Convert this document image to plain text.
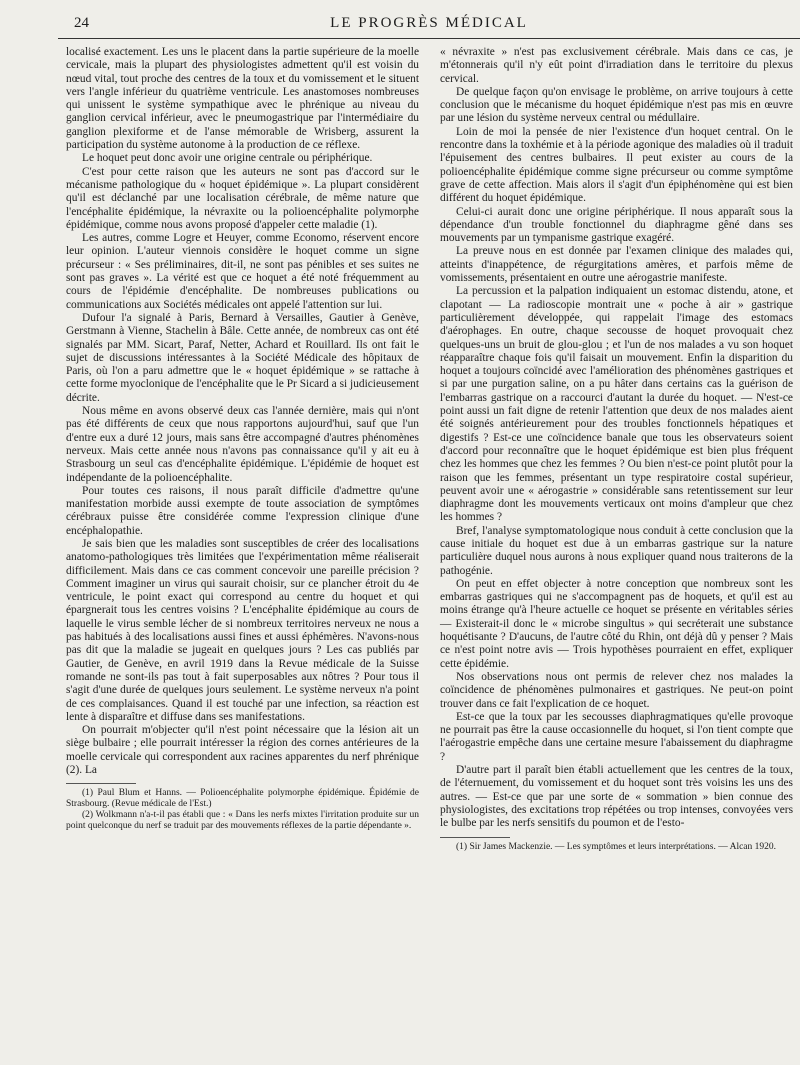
24	LE PROGRÈS MÉDICAL

localisé exactement. Les uns le placent dans la partie supérieure de la moelle cervicale, mais la plupart des physiologistes admettent qu'il est voisin du nœud vital, tout proche des centres de la toux et du vomissement et le situent vers l'angle inférieur du quatrième ventricule. Les anastomoses nombreuses qui unissent le système sympathique avec le phrénique au niveau du ganglion cervical inférieur, avec le pneumogastrique par l'intermédiaire du ganglion plexiforme et de l'anse mémorable de Wrisberg, assurent la participation du système autonome à la production de ce réflexe.

Le hoquet peut donc avoir une origine centrale ou périphérique.

C'est pour cette raison que les auteurs ne sont pas d'accord sur le mécanisme pathologique du « hoquet épidémique ». La plupart considèrent qu'il est déclanché par une localisation cérébrale, de même nature que l'encéphalite épidémique, la névraxite ou la polioencéphalite polymorphe épidémique, comme nous avons proposé d'appeler cette maladie (1).

Les autres, comme Logre et Heuyer, comme Economo, réservent encore leur opinion. L'auteur viennois considère le hoquet comme un signe précurseur : « Ses préliminaires, dit-il, ne sont pas pénibles et ses suites ne sont pas graves ». La vérité est que ce hoquet a été noté fréquemment au cours de l'épidémie d'encéphalite. De nombreuses publications ou communications aux Sociétés médicales ont appelé l'attention sur lui.

Dufour l'a signalé à Paris, Bernard à Versailles, Gautier à Genève, Gerstmann à Vienne, Stachelin à Bâle. Cette année, de nombreux cas ont été signalés par MM. Sicart, Paraf, Netter, Achard et Rouillard. Ils ont fait le sujet de discussions intéressantes à la Société Médicale des hôpitaux de Paris, où l'on a paru admettre que le « hoquet épidémique » se rattache à cette forme myoclonique de l'encéphalite que le Pr Sicard a si judicieusement décrite.

Nous même en avons observé deux cas l'année dernière, mais qui n'ont pas été différents de ceux que nous rapportons aujourd'hui, sauf que l'un d'entre eux a duré 12 jours, mais sans être accompagné d'autres phénomènes nerveux. Mais cette année nous n'avons pas connaissance qu'il y ait eu à Strasbourg un seul cas d'encéphalite épidémique. L'épidémie de hoquet est indépendante de la polioencéphalite.

Pour toutes ces raisons, il nous paraît difficile d'admettre qu'une manifestation morbide aussi exempte de toute association de symptômes cérébraux puisse être considérée comme l'expression clinique d'une encéphalopathie.

Je sais bien que les maladies sont susceptibles de créer des localisations anatomo-pathologiques très limitées que l'expérimentation même réaliserait difficilement. Mais dans ce cas comment concevoir une pareille précision ? Comment imaginer un virus qui saurait choisir, sur ce plancher étroit du 4e ventricule, le point exact qui correspond au centre du hoquet et qui épargnerait tous les centres voisins ? L'encéphalite épidémique au cours de laquelle le virus semble lécher de si nombreux territoires nerveux ne nous a pas habitués à des localisations aussi fines et aussi éphémères. N'avons-nous pas dit que la maladie se jugeait en quelques jours ? Les cas publiés par Gautier, de Genève, en avril 1919 dans la Revue médicale de la Suisse romande ne sont-ils pas tout à fait superposables aux nôtres ? Pour tous il s'agit d'une durée de quelques jours seulement. Le système nerveux n'a point de ces complaisances. Quand il est touché par une infection, sa réaction est lente à disparaître et diffuse dans ses manifestations.

On pourrait m'objecter qu'il n'est point nécessaire que la lésion ait un siège bulbaire ; elle pourrait intéresser la région des cornes antérieures de la moelle cervicale qui correspondent aux racines apparentes du nerf phrénique (2). La

(1) Paul Blum et Hanns. — Polioencéphalite polymorphe épidémique. Épidémie de Strasbourg. (Revue médicale de l'Est.)

(2) Wolkmann n'a-t-il pas établi que : « Dans les nerfs mixtes l'irritation produite sur un point quelconque du nerf se traduit par des mouvements réflexes de la partie dépendante ».

« névraxite » n'est pas exclusivement cérébrale. Mais dans ce cas, je m'étonnerais qu'il n'y eût point d'irradiation dans le territoire du plexus cervical.

De quelque façon qu'on envisage le problème, on arrive toujours à cette conclusion que le mécanisme du hoquet épidémique n'est pas mis en œuvre par une lésion du système nerveux central ou médullaire.

Loin de moi la pensée de nier l'existence d'un hoquet central. On le rencontre dans la toxhémie et à la période agonique des maladies où il traduit l'épuisement des centres bulbaires. Il peut exister au cours de la polioencéphalite épidémique comme signe précurseur ou comme symptôme grave de cette affection. Mais alors il s'agit d'un épiphénomène qui est bien différent du hoquet épidémique.

Celui-ci aurait donc une origine périphérique. Il nous apparaît sous la dépendance d'un trouble fonctionnel du diaphragme gêné dans ses mouvements par un tympanisme gastrique exagéré.

La preuve nous en est donnée par l'examen clinique des malades qui, atteints d'inappétence, de régurgitations amères, et parfois même de vomissements, présentaient en outre une aérogastrie manifeste.

La percussion et la palpation indiquaient un estomac distendu, atone, et clapotant — La radioscopie montrait une « poche à air » gastrique particulièrement développée, qui rappelait l'image des estomacs d'aérophages. En outre, chaque secousse de hoquet provoquait chez quelques-uns un bruit de glou-glou ; et l'un de nos malades a vu son hoquet réapparaître chaque fois qu'il faisait un mouvement. Enfin la disparition du hoquet a toujours coïncidé avec l'amélioration des phénomènes gastriques et si par une purgation saline, on a pu hâter dans certains cas la guérison de l'embarras gastrique on a raccourci d'autant la durée du hoquet. — N'est-ce point aussi un fait digne de retenir l'attention que deux de nos malades aient été soignés antérieurement pour des troubles fonctionnels hépatiques et digestifs ? Est-ce une coïncidence banale que tous les observateurs soient d'accord pour reconnaître que le hoquet épidémique est bien plus fréquent chez les hommes que chez les femmes ? Ou bien n'est-ce point plutôt pour la raison que les femmes, présentant un type respiratoire costal supérieur, peuvent avoir une « aérogastrie » considérable sans retentissement sur leur diaphragme dont les mouvements verticaux ont moins d'ampleur que chez les hommes ?

Bref, l'analyse symptomatologique nous conduit à cette conclusion que la cause initiale du hoquet est due à un embarras gastrique sur la nature particulière duquel nous aurons à nous expliquer quand nous traiterons de la pathogénie.

On peut en effet objecter à notre conception que nombreux sont les embarras gastriques qui ne s'accompagnent pas de hoquets, et qu'il est au moins étrange qu'à l'heure actuelle ce hoquet se présente en véritables séries — Existerait-il donc le « microbe singultus » qui secréterait une substance hoquétisante ? D'aucuns, de l'autre côté du Rhin, ont déjà dû y penser ? Mais ce n'est point notre avis — Trois hypothèses pourraient en effet, expliquer cette épidémie.

Nos observations nous ont permis de relever chez nos malades la coïncidence de phénomènes pulmonaires et gastriques. Ne peut-on point trouver dans ce fait l'explication de ce hoquet.

Est-ce que la toux par les secousses diaphragmatiques qu'elle provoque ne pourrait pas être la cause occasionnelle du hoquet, si l'on tient compte que l'aérogastrie empêche dans une certaine mesure l'abaissement du diaphragme ?

D'autre part il paraît bien établi actuellement que les centres de la toux, de l'éternuement, du vomissement et du hoquet sont très voisins les uns des autres. — Est-ce que par une sorte de « sommation » bien connue des physiologistes, des excitations trop répétées ou trop intenses, convoyées vers le bulbe par les nerfs sensitifs du poumon et de l'esto-

(1) Sir James Mackenzie. — Les symptômes et leurs interprétations. — Alcan 1920.
